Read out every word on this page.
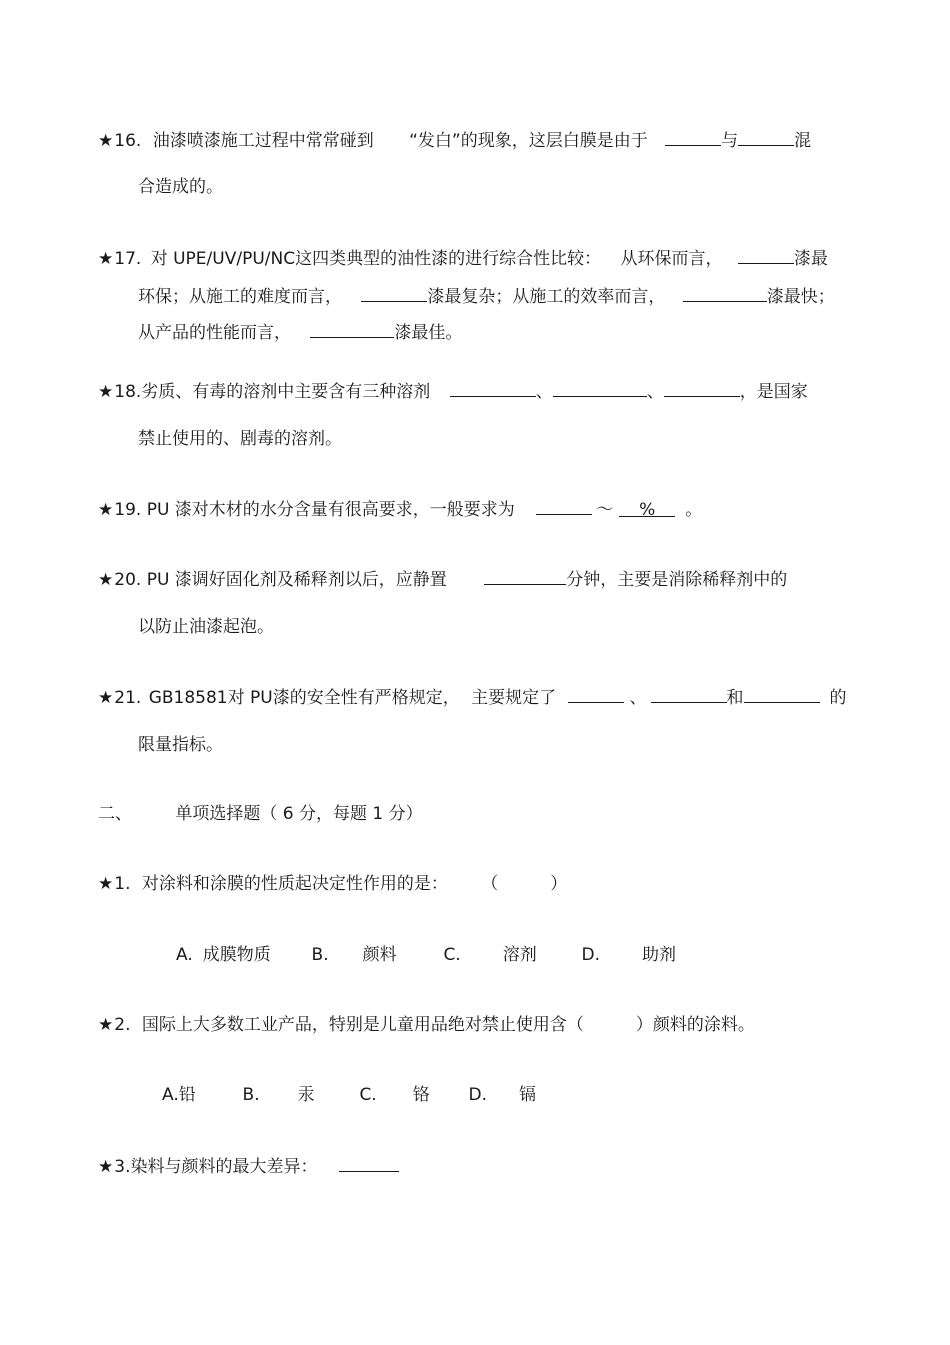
★16. 油漆喷漆施工过程中常常碰到 “发白”的现象，这层白膜是由于	与	混
合造成的。
★17. 对 UPE/UV/PU/NC这四类典型的油性漆的进行综合性比较： 从环保而言，	漆最
环保；从施工的难度而言，	漆最复杂；从施工的效率而言，	漆最快；
从产品的性能而言，	漆最佳。
★18.劣质、有毒的溶剂中主要含有三种溶剂	、	、	，是国家
禁止使用的、剧毒的溶剂。
★19. PU 漆对木材的水分含量有很高要求，一般要求为	～ % 。
★20. PU 漆调好固化剂及稀释剂以后，应静置	分钟，主要是消除稀释剂中的
以防止油漆起泡。
★21. GB18581对 PU漆的安全性有严格规定， 主要规定了	、	和	的
限量指标。
二、	单项选择题（ 6 分，每题 1 分）
★1. 对涂料和涂膜的性质起决定性作用的是： （	）
A. 成膜物质 B. 颜料	C. 溶剂	D. 助剂
★2. 国际上大多数工业产品，特别是儿童用品绝对禁止使用含（	）颜料的涂料。
A.铅	B. 汞	C. 铬 D. 镉
★3.染料与颜料的最大差异：
